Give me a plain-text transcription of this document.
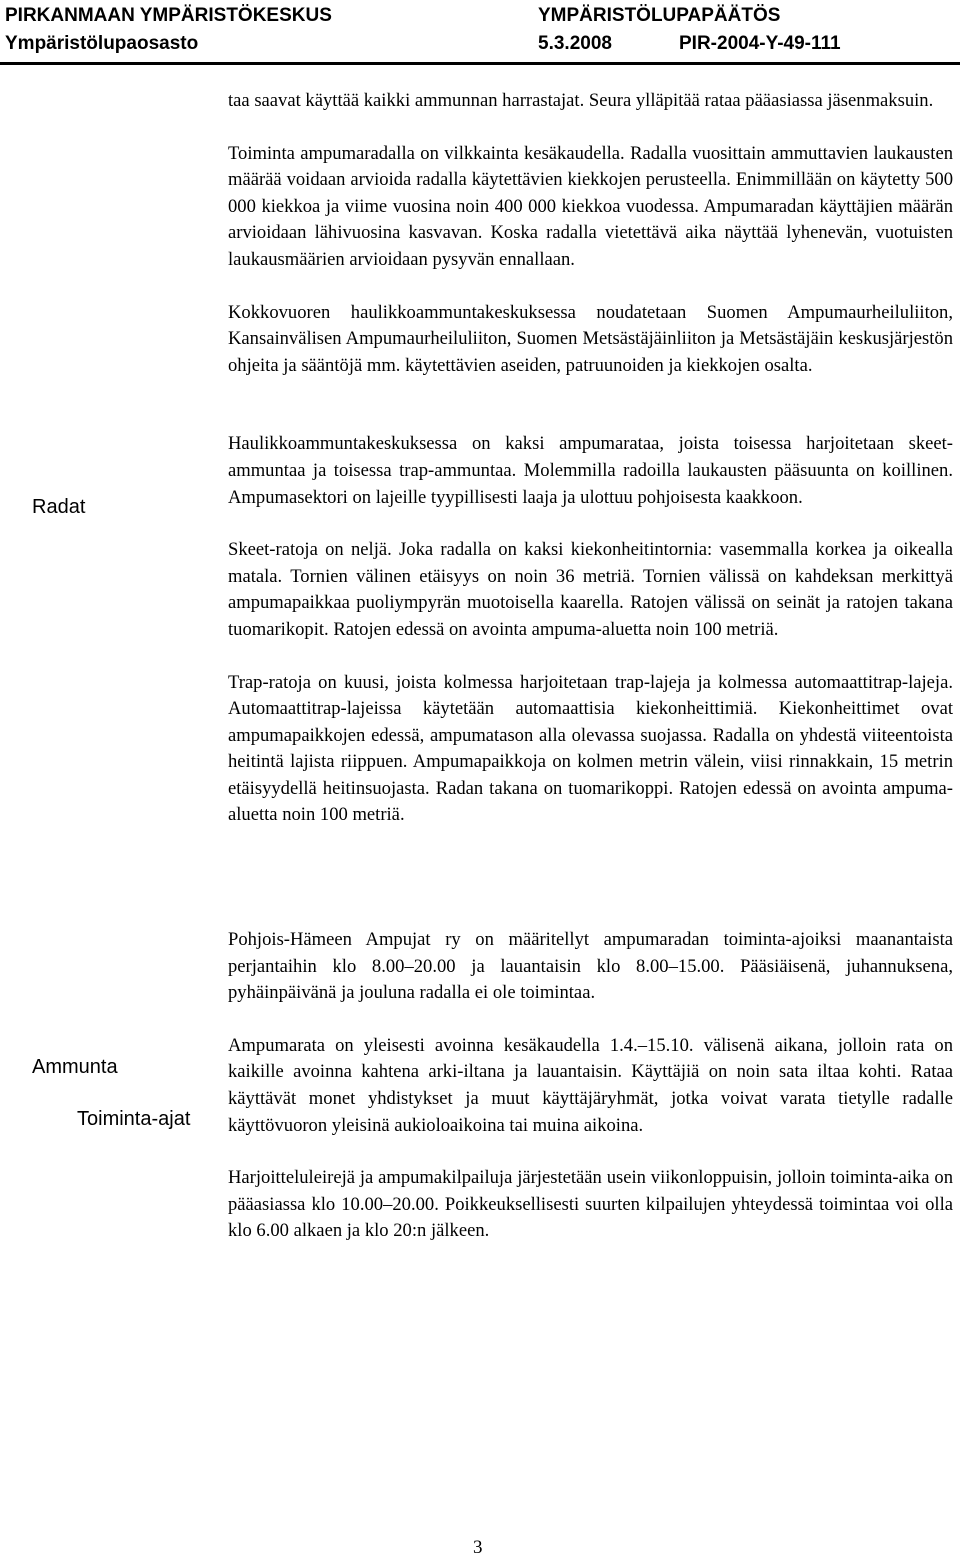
PIRKANMAAN YMPÄRISTÖKESKUS	YMPÄRISTÖLUPAPÄÄTÖS
Ympäristölupaosasto	5.3.2008	PIR-2004-Y-49-111
Radat
Ammunta
Toiminta-ajat

taa saavat käyttää kaikki ammunnan harrastajat. Seura ylläpitää rataa pääasiassa jäsenmaksuin.

Toiminta ampumaradalla on vilkkainta kesäkaudella. Radalla vuosittain ammuttavien laukausten määrää voidaan arvioida radalla käytettävien kiekkojen perusteella. Enimmillään on käytetty 500 000 kiekkoa ja viime vuosina noin 400 000 kiekkoa vuodessa. Ampumaradan käyttäjien määrän arvioidaan lähivuosina kasvavan. Koska radalla vietettävä aika näyttää lyhenevän, vuotuisten laukausmäärien arvioidaan pysyvän ennallaan.

Kokkovuoren haulikkoammuntakeskuksessa noudatetaan Suomen Ampumaurheiluliiton, Kansainvälisen Ampumaurheiluliiton, Suomen Metsästäjäinliiton ja Metsästäjäin keskusjärjestön ohjeita ja sääntöjä mm. käytettävien aseiden, patruunoiden ja kiekkojen osalta.

Haulikkoammuntakeskuksessa on kaksi ampumarataa, joista toisessa harjoitetaan skeet-ammuntaa ja toisessa trap-ammuntaa. Molemmilla radoilla laukausten pääsuunta on koillinen. Ampumasektori on lajeille tyypillisesti laaja ja ulottuu pohjoisesta kaakkoon.

Skeet-ratoja on neljä. Joka radalla on kaksi kiekonheitintornia: vasemmalla korkea ja oikealla matala. Tornien välinen etäisyys on noin 36 metriä. Tornien välissä on kahdeksan merkittyä ampumapaikkaa puoliympyrän muotoisella kaarella. Ratojen välissä on seinät ja ratojen takana tuomarikopit. Ratojen edessä on avointa ampuma-aluetta noin 100 metriä.

Trap-ratoja on kuusi, joista kolmessa harjoitetaan trap-lajeja ja kolmessa automaattitrap-lajeja. Automaattitrap-lajeissa käytetään automaattisia kiekonheittimiä. Kiekonheittimet ovat ampumapaikkojen edessä, ampumatason alla olevassa suojassa. Radalla on yhdestä viiteentoista heitintä lajista riippuen. Ampumapaikkoja on kolmen metrin välein, viisi rinnakkain, 15 metrin etäisyydellä heitinsuojasta. Radan takana on tuomarikoppi. Ratojen edessä on avointa ampuma-aluetta noin 100 metriä.

Pohjois-Hämeen Ampujat ry on määritellyt ampumaradan toiminta-ajoiksi maanantaista perjantaihin klo 8.00–20.00 ja lauantaisin klo 8.00–15.00. Pääsiäisenä, juhannuksena, pyhäinpäivänä ja jouluna radalla ei ole toimintaa.

Ampumarata on yleisesti avoinna kesäkaudella 1.4.–15.10. välisenä aikana, jolloin rata on kaikille avoinna kahtena arki-iltana ja lauantaisin. Käyttäjiä on noin sata iltaa kohti. Rataa käyttävät monet yhdistykset ja muut käyttäjäryhmät, jotka voivat varata tietylle radalle käyttövuoron yleisinä aukioloaikoina tai muina aikoina.

Harjoitteluleirejä ja ampumakilpailuja järjestetään usein viikonloppuisin, jolloin toiminta-aika on pääasiassa klo 10.00–20.00. Poikkeuksellisesti suurten kilpailujen yhteydessä toimintaa voi olla klo 6.00 alkaen ja klo 20:n jälkeen.

3
